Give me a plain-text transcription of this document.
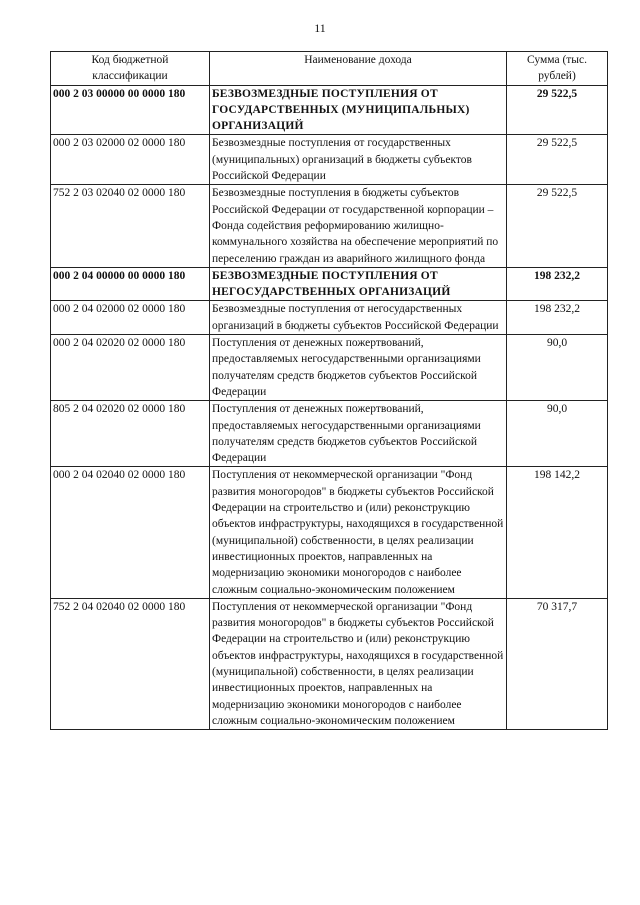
11
Код бюджетной классификации	Наименование дохода	Сумма (тыс. рублей)
000 2 03 00000 00 0000 180	БЕЗВОЗМЕЗДНЫЕ ПОСТУПЛЕНИЯ ОТ ГОСУДАРСТВЕННЫХ (МУНИЦИПАЛЬНЫХ) ОРГАНИЗАЦИЙ	29 522,5
000 2 03 02000 02 0000 180	Безвозмездные поступления от государственных (муниципальных) организаций в бюджеты субъектов Российской Федерации	29 522,5
752 2 03 02040 02 0000 180	Безвозмездные поступления в бюджеты субъектов Российской Федерации от государственной корпорации – Фонда содействия реформированию жилищно-коммунального хозяйства на обеспечение мероприятий по переселению граждан из аварийного жилищного фонда	29 522,5
000 2 04 00000 00 0000 180	БЕЗВОЗМЕЗДНЫЕ ПОСТУПЛЕНИЯ ОТ НЕГОСУДАРСТВЕННЫХ ОРГАНИЗАЦИЙ	198 232,2
000 2 04 02000 02 0000 180	Безвозмездные поступления от негосударственных организаций в бюджеты субъектов Российской Федерации	198 232,2
000 2 04 02020 02 0000 180	Поступления от денежных пожертвований, предоставляемых негосударственными организациями получателям средств бюджетов субъектов Российской Федерации	90,0
805 2 04 02020 02 0000 180	Поступления от денежных пожертвований, предоставляемых негосударственными организациями получателям средств бюджетов субъектов Российской Федерации	90,0
000 2 04 02040 02 0000 180	Поступления от некоммерческой организации "Фонд развития моногородов" в бюджеты субъектов Российской Федерации на строительство и (или) реконструкцию объектов инфраструктуры, находящихся в государственной (муниципальной) собственности, в целях реализации инвестиционных проектов, направленных на модернизацию экономики моногородов с наиболее сложным социально-экономическим положением	198 142,2
752 2 04 02040 02 0000 180	Поступления от некоммерческой организации "Фонд развития моногородов" в бюджеты субъектов Российской Федерации на строительство и (или) реконструкцию объектов инфраструктуры, находящихся в государственной (муниципальной) собственности, в целях реализации инвестиционных проектов, направленных на модернизацию экономики моногородов с наиболее сложным социально-экономическим положением	70 317,7
